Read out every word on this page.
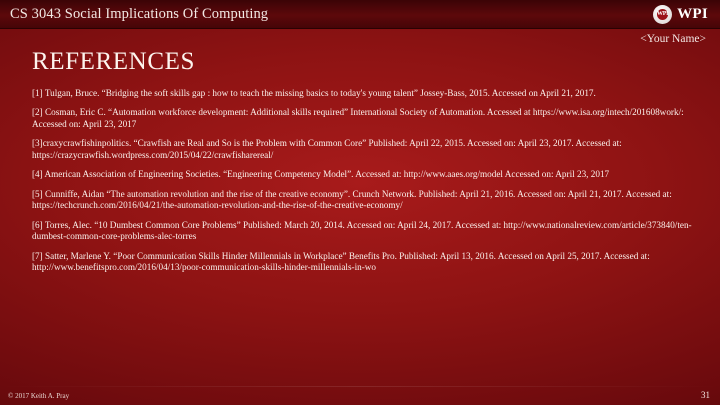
CS 3043 Social Implications Of Computing	WPI WPI
<Your Name>
REFERENCES
[1] Tulgan, Bruce. “Bridging the soft skills gap : how to teach the missing basics to today's young talent” Jossey-Bass, 2015. Accessed on April 21, 2017.
[2] Cosman, Eric C. “Automation workforce development: Additional skills required” International Society of Automation. Accessed at https://www.isa.org/intech/201608work/: Accessed on: April 23, 2017
[3]craxycrawfishinpolitics. “Crawfish are Real and So is the Problem with Common Core” Published: April 22, 2015. Accessed on: April 23, 2017. Accessed at: https://crazycrawfish.wordpress.com/2015/04/22/crawfisharereal/
[4] American Association of Engineering Societies. “Engineering Competency Model”. Accessed at: http://www.aaes.org/model Accessed on: April 23, 2017
[5] Cunniffe, Aidan “The automation revolution and the rise of the creative economy”. Crunch Network. Published: April 21, 2016. Accessed on: April 21, 2017. Accessed at: https://techcrunch.com/2016/04/21/the-automation-revolution-and-the-rise-of-the-creative-economy/
[6] Torres, Alec. “10 Dumbest Common Core Problems” Published: March 20, 2014. Accessed on: April 24, 2017. Accessed at: http://www.nationalreview.com/article/373840/ten-dumbest-common-core-problems-alec-torres
[7] Satter, Marlene Y. “Poor Communication Skills Hinder Millennials in Workplace” Benefits Pro. Published: April 13, 2016. Accessed on April 25, 2017. Accessed at: http://www.benefitspro.com/2016/04/13/poor-communication-skills-hinder-millennials-in-wo
© 2017 Keith A. Pray	31
